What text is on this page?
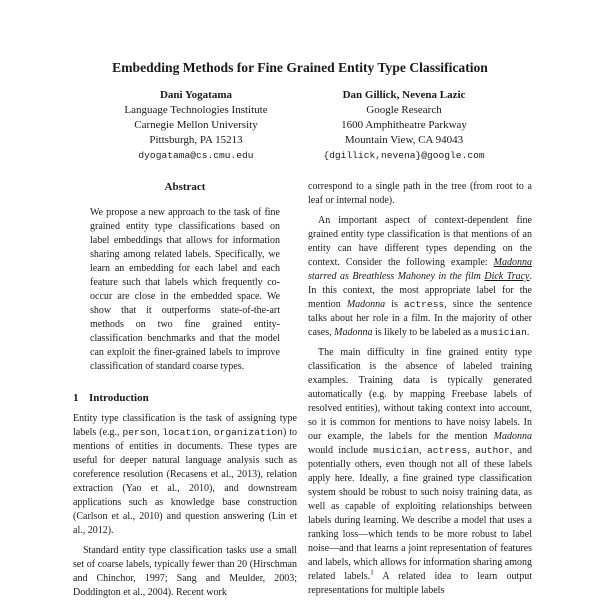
Embedding Methods for Fine Grained Entity Type Classification
Dani Yogatama
Language Technologies Institute
Carnegie Mellon University
Pittsburgh, PA 15213
dyogatama@cs.cmu.edu
Dan Gillick, Nevena Lazic
Google Research
1600 Amphitheatre Parkway
Mountain View, CA 94043
{dgillick,nevena}@google.com
Abstract

We propose a new approach to the task of fine grained entity type classifications based on label embeddings that allows for information sharing among related labels. Specifically, we learn an embedding for each label and each feature such that labels which frequently co-occur are close in the embedded space. We show that it outperforms state-of-the-art methods on two fine grained entity-classification benchmarks and that the model can exploit the finer-grained labels to improve classification of standard coarse types.

1 Introduction

Entity type classification is the task of assigning type labels (e.g., person, location, organization) to mentions of entities in documents. These types are useful for deeper natural language analysis such as coreference resolution (Recasens et al., 2013), relation extraction (Yao et al., 2010), and downstream applications such as knowledge base construction (Carlson et al., 2010) and question answering (Lin et al., 2012).

Standard entity type classification tasks use a small set of coarse labels, typically fewer than 20 (Hirschman and Chinchor, 1997; Sang and Meulder, 2003; Doddington et al., 2004). Recent work

correspond to a single path in the tree (from root to a leaf or internal node).

An important aspect of context-dependent fine grained entity type classification is that mentions of an entity can have different types depending on the context. Consider the following example: Madonna starred as Breathless Mahoney in the film Dick Tracy. In this context, the most appropriate label for the mention Madonna is actress, since the sentence talks about her role in a film. In the majority of other cases, Madonna is likely to be labeled as a musician.

The main difficulty in fine grained entity type classification is the absence of labeled training examples. Training data is typically generated automatically (e.g. by mapping Freebase labels of resolved entities), without taking context into account, so it is common for mentions to have noisy labels. In our example, the labels for the mention Madonna would include musician, actress, author, and potentially others, even though not all of these labels apply here. Ideally, a fine grained type classification system should be robust to such noisy training data, as well as capable of exploiting relationships between labels during learning. We describe a model that uses a ranking loss—which tends to be more robust to label noise—and that learns a joint representation of features and labels, which allows for information sharing among related labels.$^1$ A related idea to learn output representations for multiple labels
